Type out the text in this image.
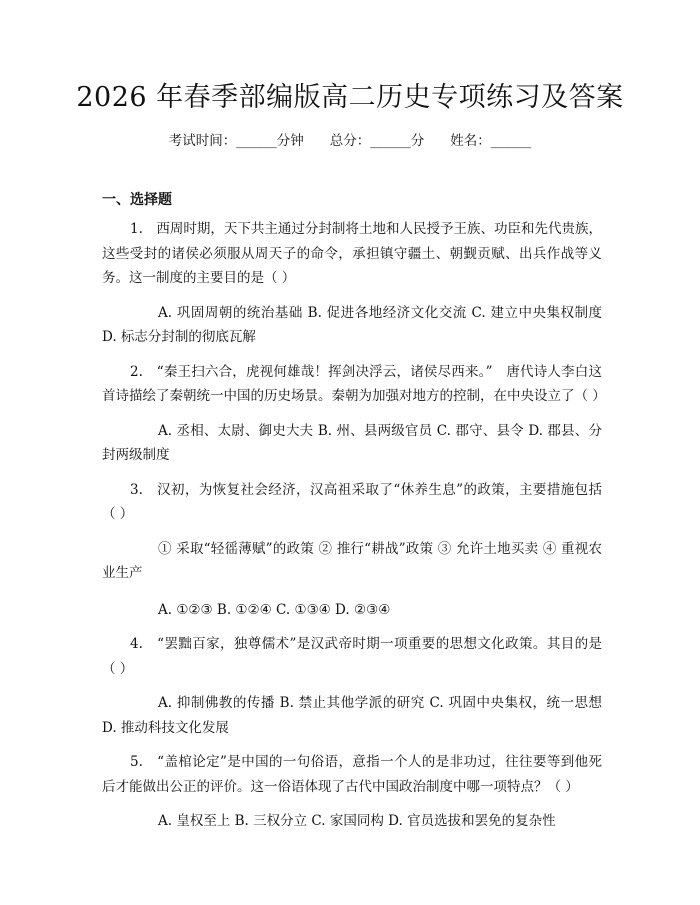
2026 年春季部编版高二历史专项练习及答案
考试时间：______分钟 总分：______分 姓名：______
一、选择题

1.　西周时期，天下共主通过分封制将土地和人民授予王族、功臣和先代贵族，这些受封的诸侯必须服从周天子的命令，承担镇守疆土、朝觐贡赋、出兵作战等义务。这一制度的主要目的是（ ）

A. 巩固周朝的统治基础 B. 促进各地经济文化交流 C. 建立中央集权制度 D. 标志分封制的彻底瓦解

2.　“秦王扫六合，虎视何雄哉！挥剑决浮云，诸侯尽西来。”　唐代诗人李白这首诗描绘了秦朝统一中国的历史场景。秦朝为加强对地方的控制，在中央设立了（ ）

A. 丞相、太尉、御史大夫 B. 州、县两级官员 C. 郡守、县令 D. 郡县、分封两级制度

3.　汉初，为恢复社会经济，汉高祖采取了“休养生息”的政策，主要措施包括（ ）

① 采取“轻徭薄赋”的政策 ② 推行“耕战”政策 ③ 允许土地买卖 ④ 重视农业生产

A. ①②③ B. ①②④ C. ①③④ D. ②③④

4.　“罢黜百家，独尊儒术”是汉武帝时期一项重要的思想文化政策。其目的是（ ）

A. 抑制佛教的传播 B. 禁止其他学派的研究 C. 巩固中央集权，统一思想 D. 推动科技文化发展

5.　“盖棺论定”是中国的一句俗语，意指一个人的是非功过，往往要等到他死后才能做出公正的评价。这一俗语体现了古代中国政治制度中哪一项特点？（ ）

A. 皇权至上 B. 三权分立 C. 家国同构 D. 官员选拔和罢免的复杂性
